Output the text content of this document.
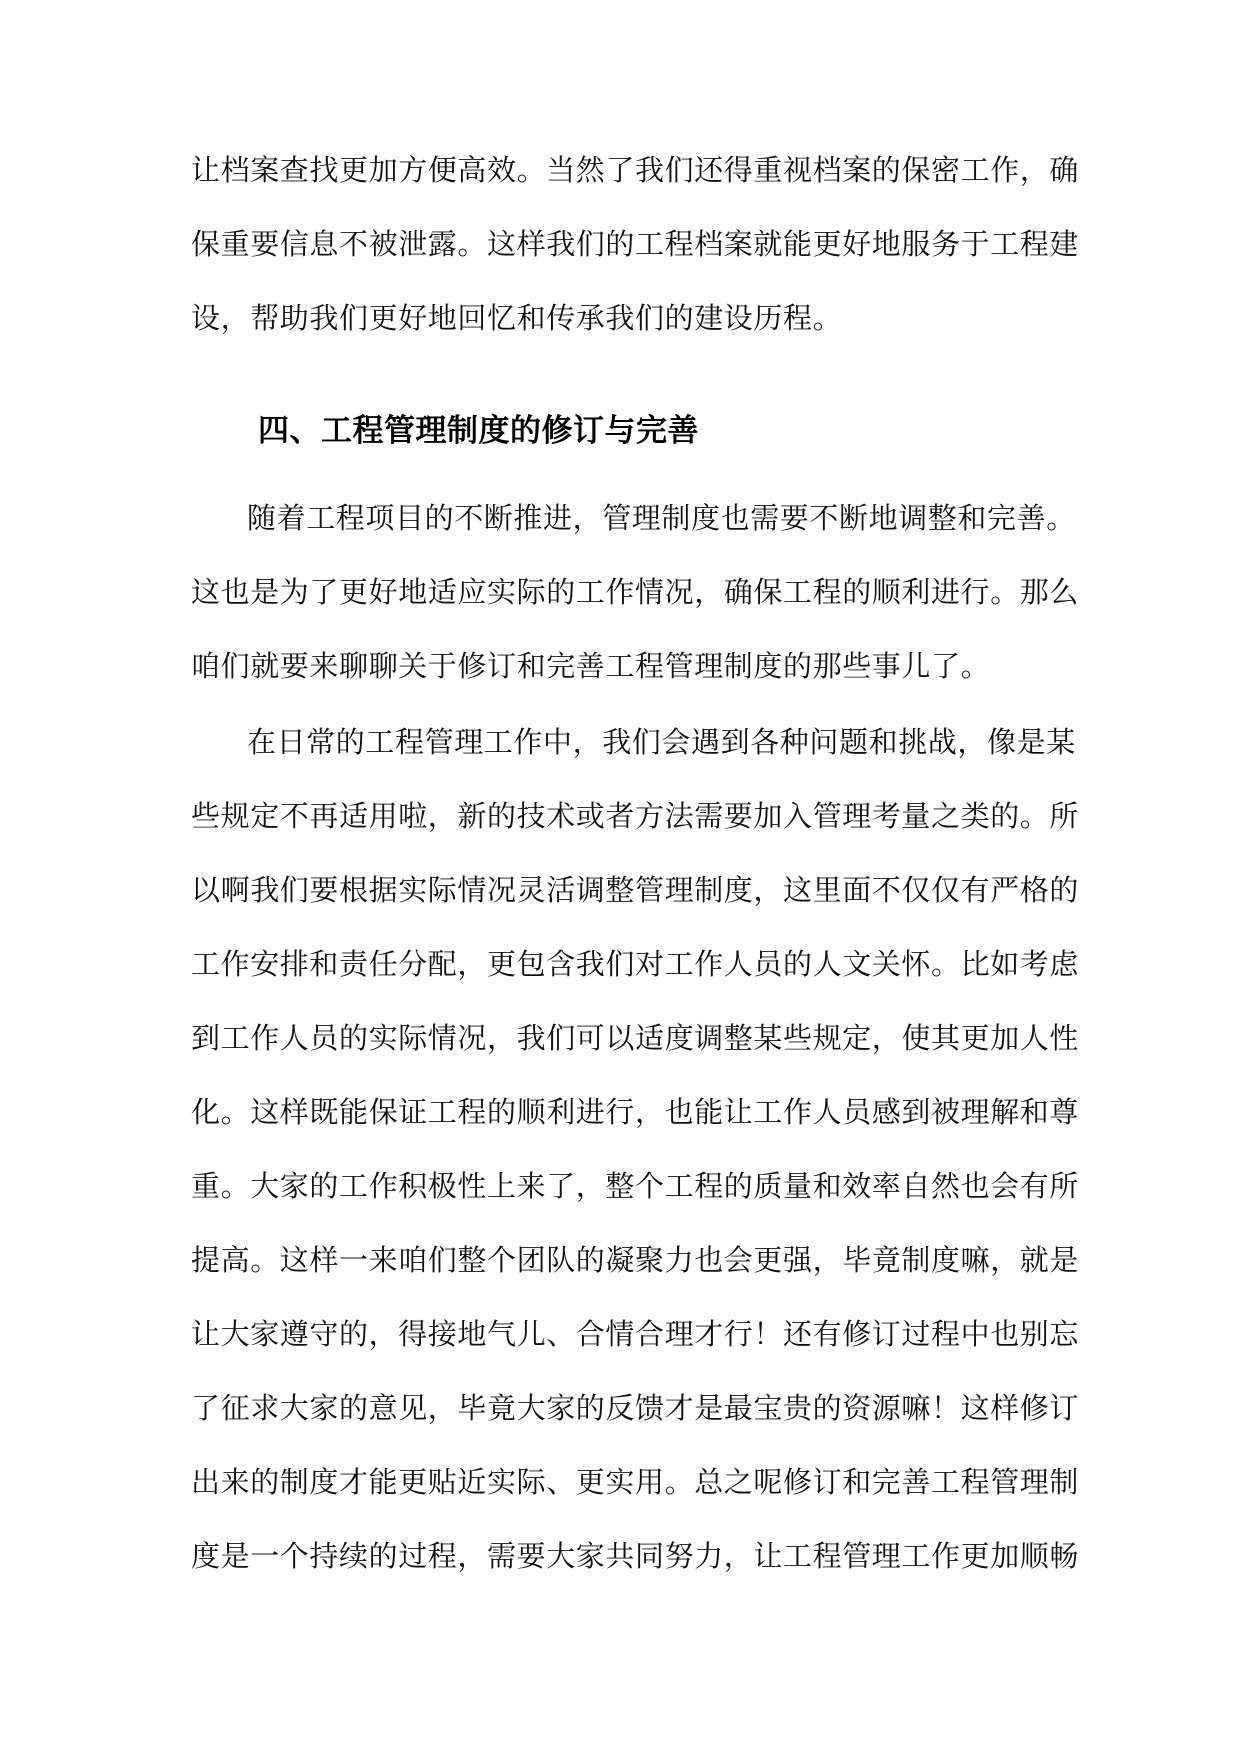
让档案查找更加方便高效。当然了我们还得重视档案的保密工作，确
保重要信息不被泄露。这样我们的工程档案就能更好地服务于工程建
设，帮助我们更好地回忆和传承我们的建设历程。
四、工程管理制度的修订与完善
随着工程项目的不断推进，管理制度也需要不断地调整和完善。
这也是为了更好地适应实际的工作情况，确保工程的顺利进行。那么
咱们就要来聊聊关于修订和完善工程管理制度的那些事儿了。
在日常的工程管理工作中，我们会遇到各种问题和挑战，像是某
些规定不再适用啦，新的技术或者方法需要加入管理考量之类的。所
以啊我们要根据实际情况灵活调整管理制度，这里面不仅仅有严格的
工作安排和责任分配，更包含我们对工作人员的人文关怀。比如考虑
到工作人员的实际情况，我们可以适度调整某些规定，使其更加人性
化。这样既能保证工程的顺利进行，也能让工作人员感到被理解和尊
重。大家的工作积极性上来了，整个工程的质量和效率自然也会有所
提高。这样一来咱们整个团队的凝聚力也会更强，毕竟制度嘛，就是
让大家遵守的，得接地气儿、合情合理才行！还有修订过程中也别忘
了征求大家的意见，毕竟大家的反馈才是最宝贵的资源嘛！这样修订
出来的制度才能更贴近实际、更实用。总之呢修订和完善工程管理制
度是一个持续的过程，需要大家共同努力，让工程管理工作更加顺畅
